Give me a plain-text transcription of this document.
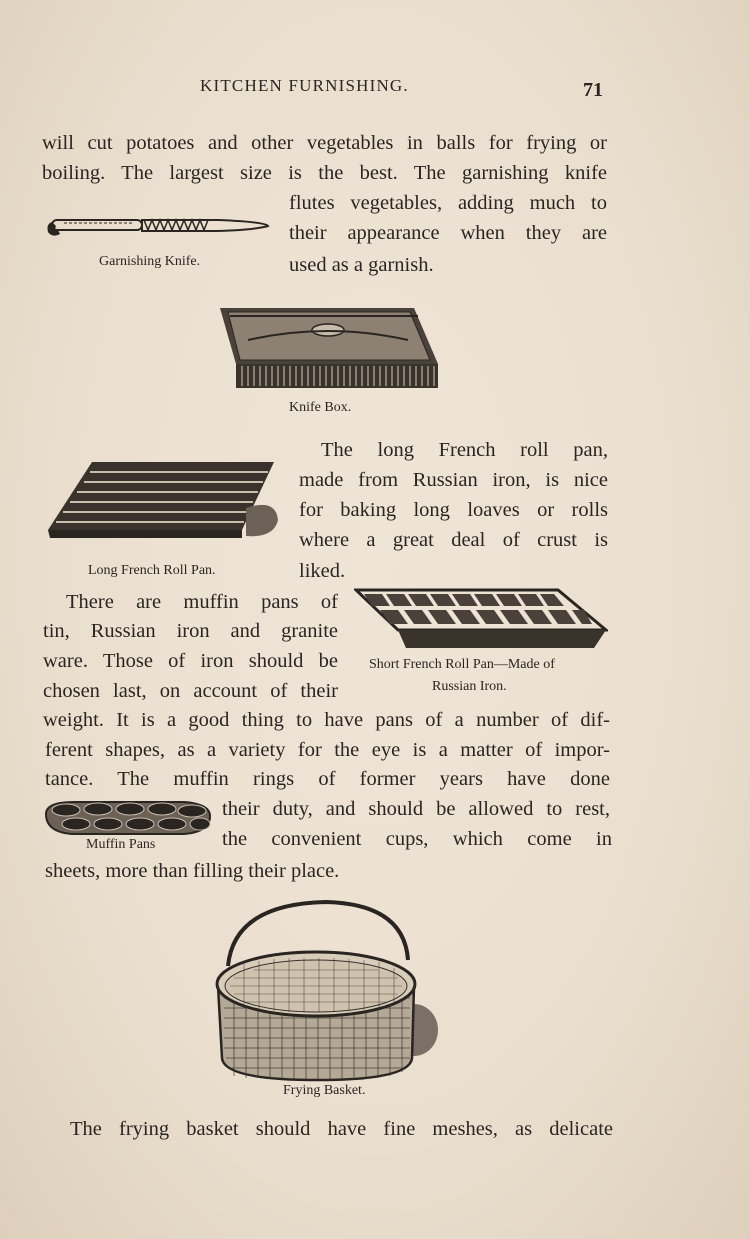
KITCHEN FURNISHING.	71
will cut potatoes and other vegetables in balls for frying or
boiling. The largest size is the best. The garnishing knife
flutes vegetables, adding much to
their appearance when they are
used as a garnish.
The long French roll pan,
made from Russian iron, is nice
for baking long loaves or rolls
where a great deal of crust is
liked.
There are muffin pans of
tin, Russian iron and granite
ware. Those of iron should be
chosen last, on account of their
weight. It is a good thing to have pans of a number of dif-
ferent shapes, as a variety for the eye is a matter of impor-
tance. The muffin rings of former years have done
their duty, and should be allowed to rest,
the convenient cups, which come in
sheets, more than filling their place.
The frying basket should have fine meshes, as delicate
Garnishing Knife.
Knife Box.
Long French Roll Pan.
Short French Roll Pan—Made of
Russian Iron.
Muffin Pans
Frying Basket.
